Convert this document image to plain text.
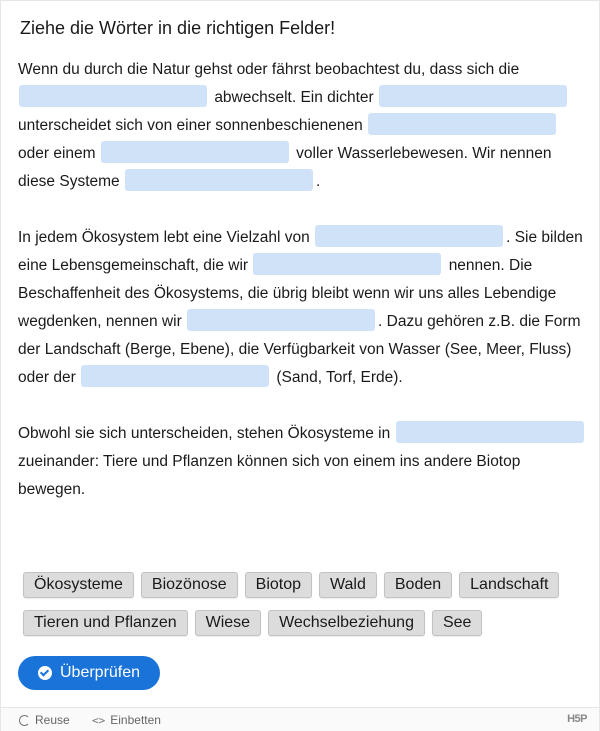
Ziehe die Wörter in die richtigen Felder!

Wenn du durch die Natur gehst oder fährst beobachtest du, dass sich die  abwechselt. Ein dichter  unterscheidet sich von einer sonnenbeschienenen  oder einem	voller Wasserlebewesen. Wir nennen diese Systeme	.

In jedem Ökosystem lebt eine Vielzahl von	. Sie bilden eine Lebensgemeinschaft, die wir	nennen. Die Beschaffenheit des Ökosystems, die übrig bleibt wenn wir uns alles Lebendige wegdenken, nennen wir	. Dazu gehören z.B. die Form der Landschaft (Berge, Ebene), die Verfügbarkeit von Wasser (See, Meer, Fluss) oder der	(Sand, Torf, Erde).

Obwohl sie sich unterscheiden, stehen Ökosysteme in  zueinander: Tiere und Pflanzen können sich von einem ins andere Biotop bewegen.

Ökosysteme Biozönose Biotop Wald Boden Landschaft
Tieren und Pflanzen Wiese Wechselbeziehung See
Überprüfen
Reuse <> Einbetten	H5P
